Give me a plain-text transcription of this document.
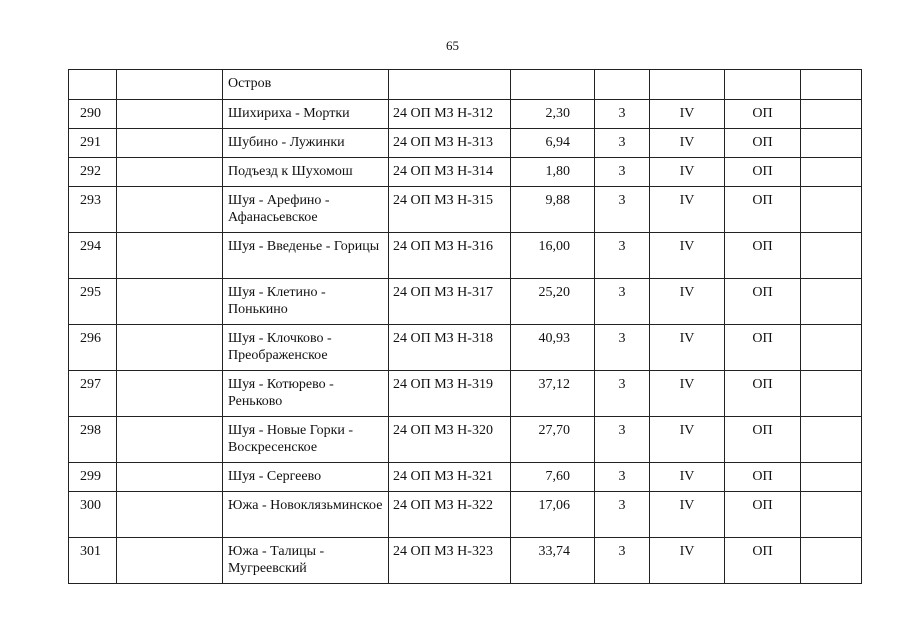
65
		Остров						
290		Шихириха - Мортки	24 ОП МЗ Н-312	2,30	3	IV	ОП	
291		Шубино - Лужинки	24 ОП МЗ Н-313	6,94	3	IV	ОП	
292		Подъезд к Шухомош	24 ОП МЗ Н-314	1,80	3	IV	ОП	
293		Шуя - Арефино - Афанасьевское	24 ОП МЗ Н-315	9,88	3	IV	ОП	
294		Шуя - Введенье - Горицы	24 ОП МЗ Н-316	16,00	3	IV	ОП	
295		Шуя - Клетино - Понькино	24 ОП МЗ Н-317	25,20	3	IV	ОП	
296		Шуя - Клочково - Преображенское	24 ОП МЗ Н-318	40,93	3	IV	ОП	
297		Шуя - Котюрево - Реньково	24 ОП МЗ Н-319	37,12	3	IV	ОП	
298		Шуя - Новые Горки - Воскресенское	24 ОП МЗ Н-320	27,70	3	IV	ОП	
299		Шуя - Сергеево	24 ОП МЗ Н-321	7,60	3	IV	ОП	
300		Южа - Новоклязьминское	24 ОП МЗ Н-322	17,06	3	IV	ОП	
301		Южа - Талицы - Мугреевский	24 ОП МЗ Н-323	33,74	3	IV	ОП	
